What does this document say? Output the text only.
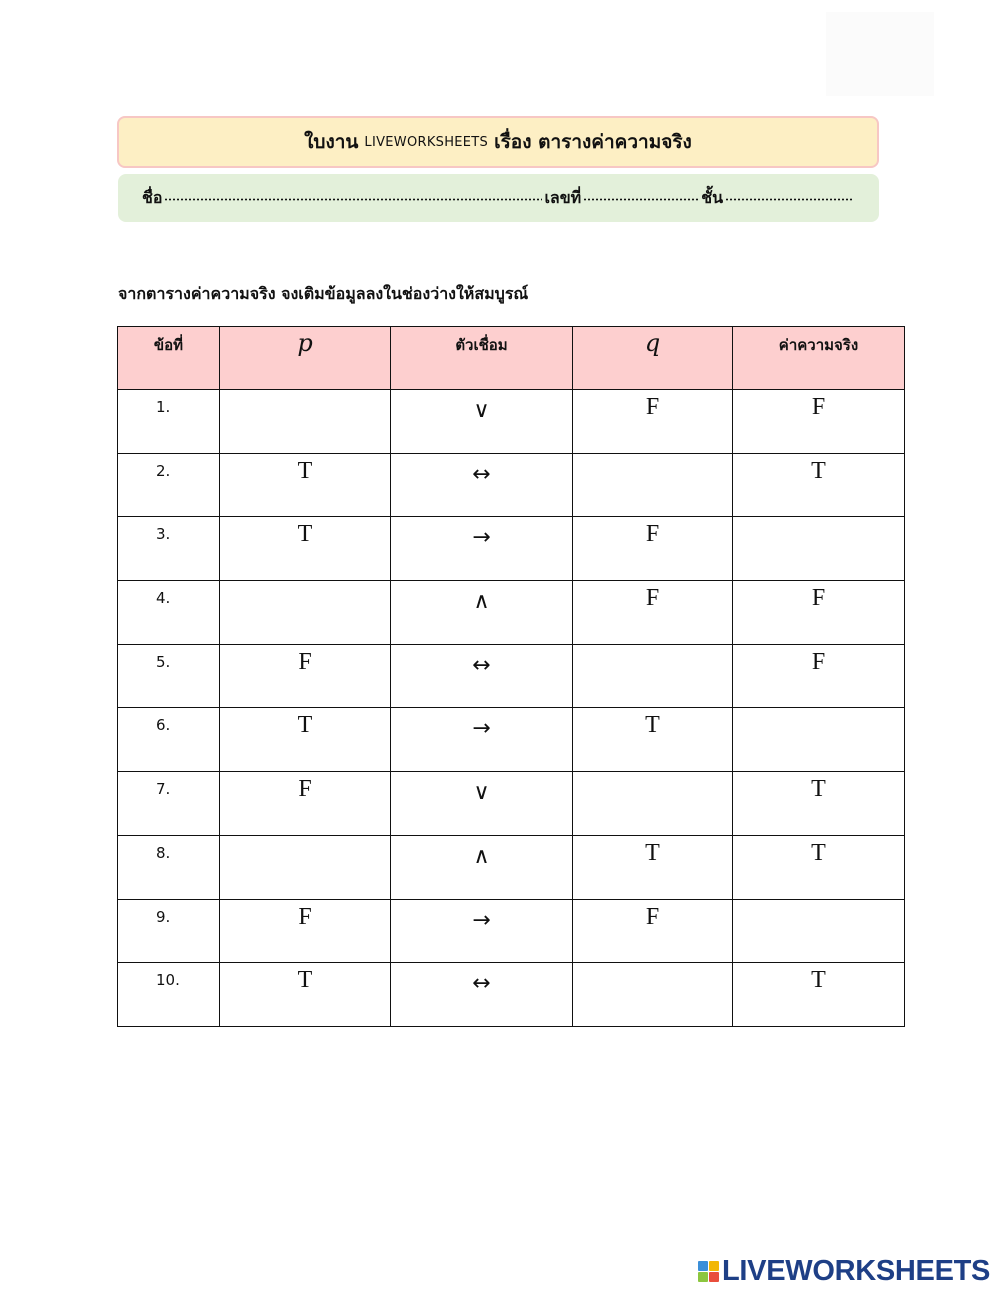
ใบงาน LIVEWORKSHEETS เรื่อง ตารางค่าความจริง
ชื่อ	เลขที่	ชั้น
จากตารางค่าความจริง จงเติมข้อมูลลงในช่องว่างให้สมบูรณ์
ข้อที่	p	ตัวเชื่อม	q	ค่าความจริง
1.		∨	F	F
2.	T	↔		T
3.	T	→	F	
4.		∧	F	F
5.	F	↔		F
6.	T	→	T	
7.	F	∨		T
8.		∧	T	T
9.	F	→	F	
10.	T	↔		T
LIVEWORKSHEETS
